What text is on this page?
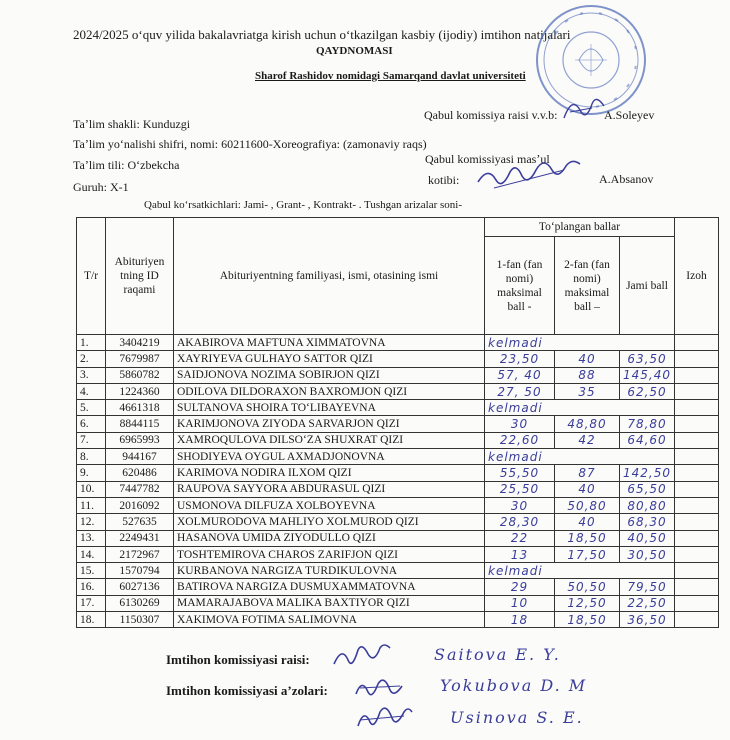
2024/2025 oʻquv yilida bakalavriatga kirish uchun oʻtkazilgan kasbiy (ijodiy) imtihon natijalari
QAYDNOMASI
Sharof Rashidov nomidagi Samarqand davlat universiteti
Taʼlim shakli: Kunduzgi
Taʼlim yoʻnalishi shifri, nomi: 60211600-Xoreografiya: (zamonaviy raqs)
Taʼlim tili: Oʻzbekcha
Guruh: X-1
Qabul komissiya raisi v.v.b:	A.Soleyev
Qabul komissiyasi masʼul
kotibi:	A.Absanov
Qabul koʻrsatkichlari: Jami- , Grant- , Kontrakt- . Tushgan arizalar soni-
T/r	Abituriyen tning ID raqami	Abituriyentning familiyasi, ismi, otasining ismi	Toʻplangan ballar			Izoh
			1-fan (fan nomi) maksimal ball -	2-fan (fan nomi) maksimal ball –	Jami ball	
1.	3404219	AKABIROVA MAFTUNA XIMMATOVNA	kelmadi			
2.	7679987	XAYRIYEVA GULHAYO SATTOR QIZI	23,50	40	63,50	
3.	5860782	SAIDJONOVA NOZIMA SOBIRJON QIZI	57, 40	88	145,40	
4.	1224360	ODILOVA DILDORAXON BAXROMJON QIZI	27, 50	35	62,50	
5.	4661318	SULTANOVA SHOIRA TOʻLIBAYEVNA	kelmadi			
6.	8844115	KARIMJONOVA ZIYODA SARVARJON QIZI	30	48,80	78,80	
7.	6965993	XAMROQULOVA DILSOʻZA SHUXRAT QIZI	22,60	42	64,60	
8.	944167	SHODIYEVA OYGUL AXMADJONOVNA	kelmadi			
9.	620486	KARIMOVA NODIRA ILXOM QIZI	55,50	87	142,50	
10.	7447782	RAUPOVA SAYYORA ABDURASUL QIZI	25,50	40	65,50	
11.	2016092	USMONOVA DILFUZA XOLBOYEVNA	30	50,80	80,80	
12.	527635	XOLMURODOVA MAHLIYO XOLMUROD QIZI	28,30	40	68,30	
13.	2249431	HASANOVA UMIDA ZIYODULLO QIZI	22	18,50	40,50	
14.	2172967	TOSHTEMIROVA CHAROS ZARIFJON QIZI	13	17,50	30,50	
15.	1570794	KURBANOVA NARGIZA TURDIKULOVNA	kelmadi			
16.	6027136	BATIROVA NARGIZA DUSMUXAMMATOVNA	29	50,50	79,50	
17.	6130269	MAMARAJABOVA MALIKA BAXTIYOR QIZI	10	12,50	22,50	
18.	1150307	XAKIMOVA FOTIMA SALIMOVNA	18	18,50	36,50	
Imtihon komissiyasi raisi:	Saitova E. Y.
Imtihon komissiyasi aʼzolari:	Yokubova D. M
Usinova S. E.
